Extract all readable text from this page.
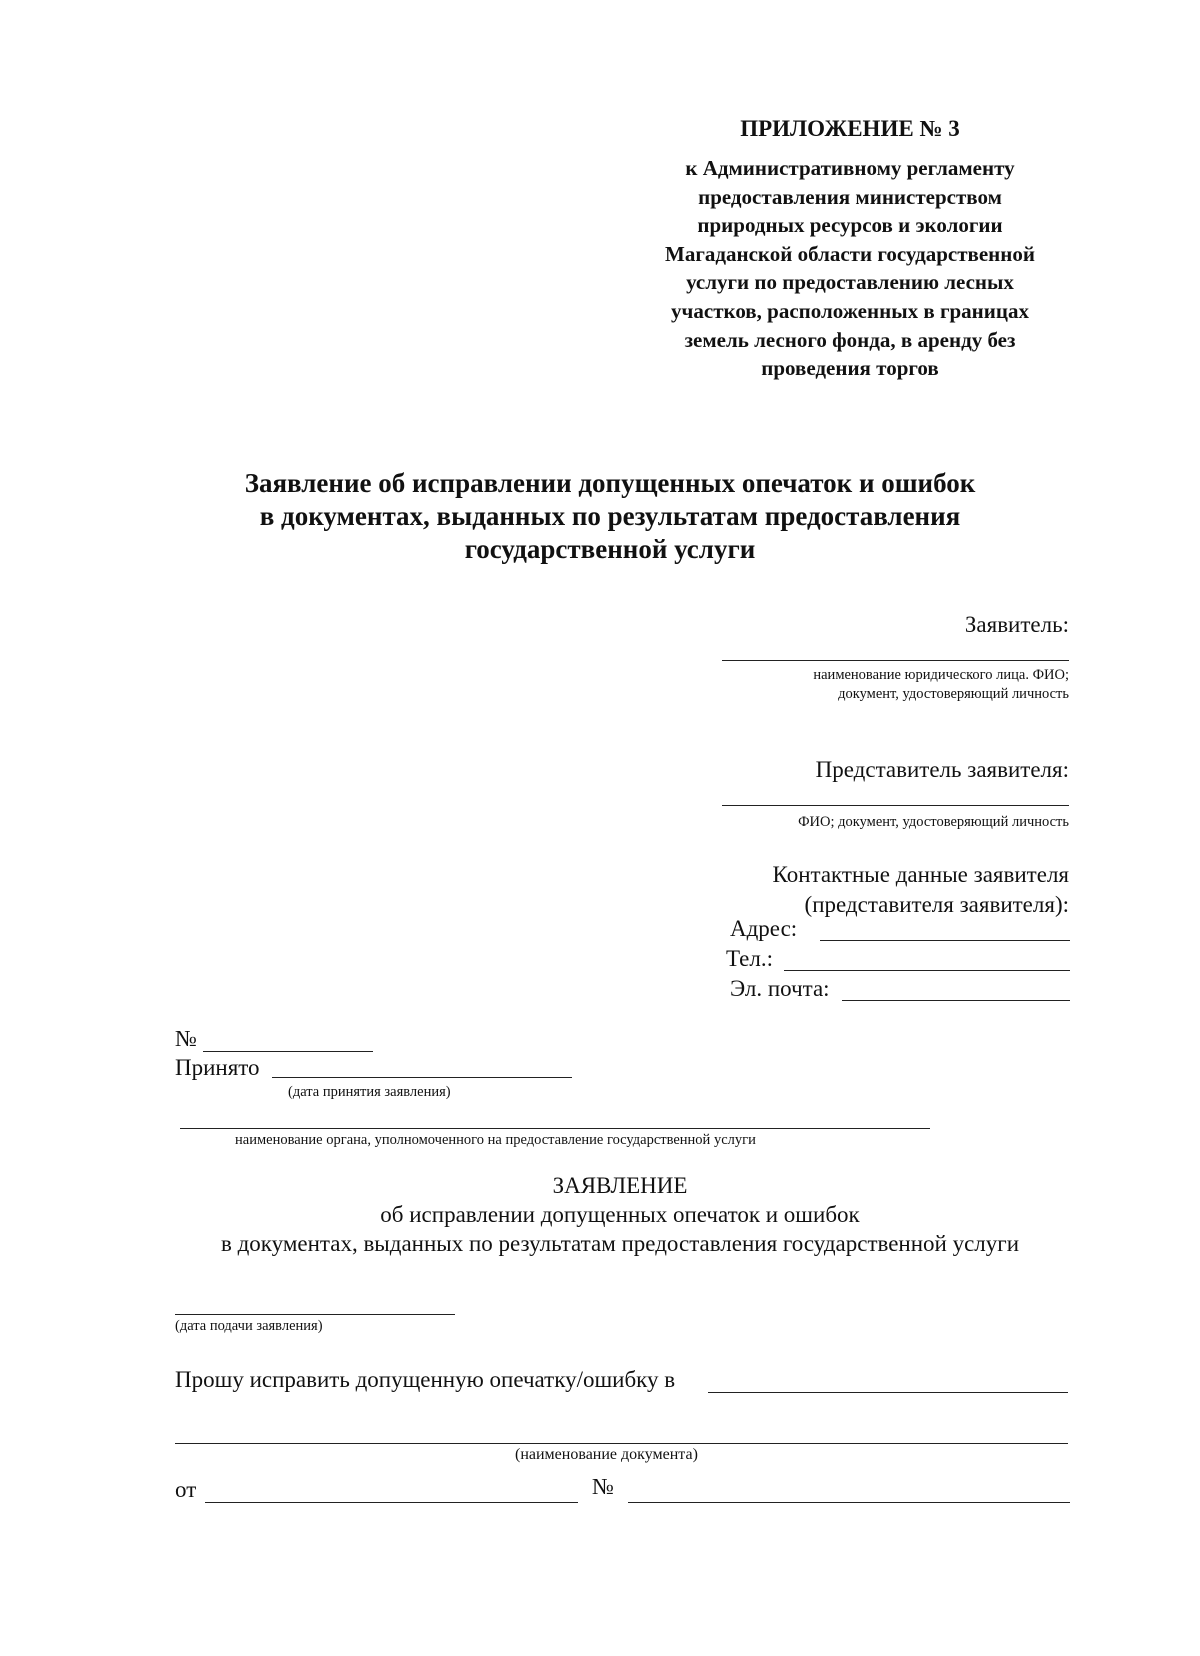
ПРИЛОЖЕНИЕ № 3
к Административному регламенту
предоставления министерством
природных ресурсов и экологии
Магаданской области государственной
услуги по предоставлению лесных
участков, расположенных в границах
земель лесного фонда, в аренду без
проведения торгов
Заявление об исправлении допущенных опечаток и ошибок
в документах, выданных по результатам предоставления
государственной услуги
Заявитель:
наименование юридического лица. ФИО;
документ, удостоверяющий личность
Представитель заявителя:
ФИО; документ, удостоверяющий личность
Контактные данные заявителя
(представителя заявителя):
Адрес:
Тел.:
Эл. почта:
№
Принято
(дата принятия заявления)
наименование органа, уполномоченного на предоставление государственной услуги
ЗАЯВЛЕНИЕ
об исправлении допущенных опечаток и ошибок
в документах, выданных по результатам предоставления государственной услуги
(дата подачи заявления)
Прошу исправить допущенную опечатку/ошибку в
(наименование документа)
от	№
